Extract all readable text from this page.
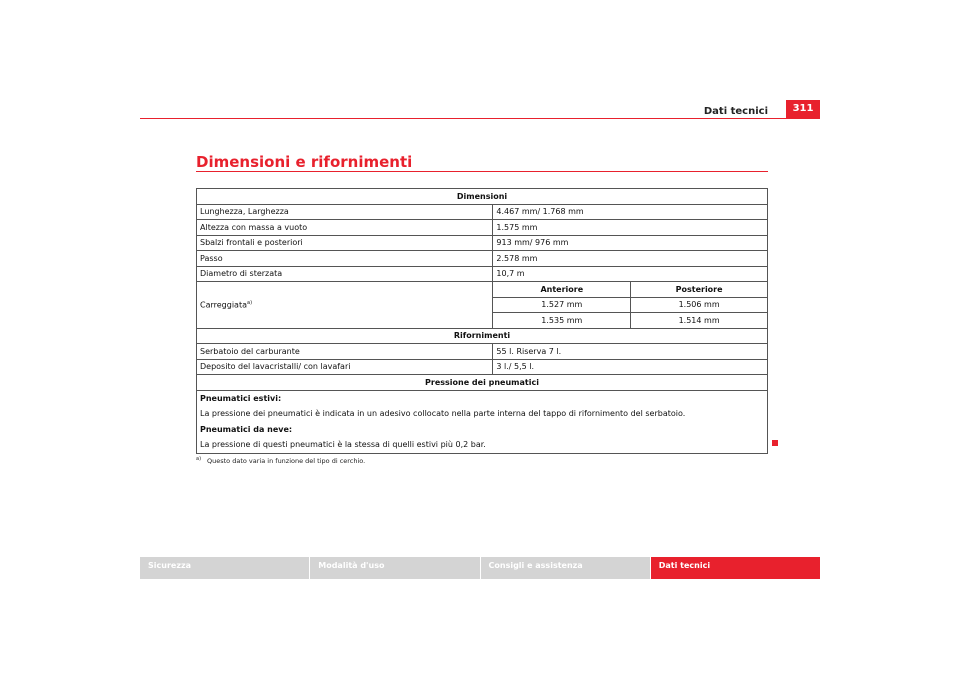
Dati tecnici	311
Dimensioni e rifornimenti
Dimensioni		
Lunghezza, Larghezza	4.467 mm/ 1.768 mm	
Altezza con massa a vuoto	1.575 mm	
Sbalzi frontali e posteriori	913 mm/ 976 mm	
Passo	2.578 mm	
Diametro di sterzata	10,7 m	
Carreggiata$^{a)}$	Anteriore	Posteriore
	1.527 mm	1.506 mm
	1.535 mm	1.514 mm
Rifornimenti		
Serbatoio del carburante	55 l. Riserva 7 l.	
Deposito del lavacristalli/ con lavafari	3 l./ 5,5 l.	
Pressione dei pneumatici		

Pneumatici estivi:
La pressione dei pneumatici è indicata in un adesivo collocato nella parte interna del tappo di rifornimento del serbatoio.
Pneumatici da neve:
La pressione di questi pneumatici è la stessa di quelli estivi più 0,2 bar.		
$^{a)}$ Questo dato varia in funzione del tipo di cerchio.
Sicurezza	Modalità d'uso	Consigli e assistenza	Dati tecnici
